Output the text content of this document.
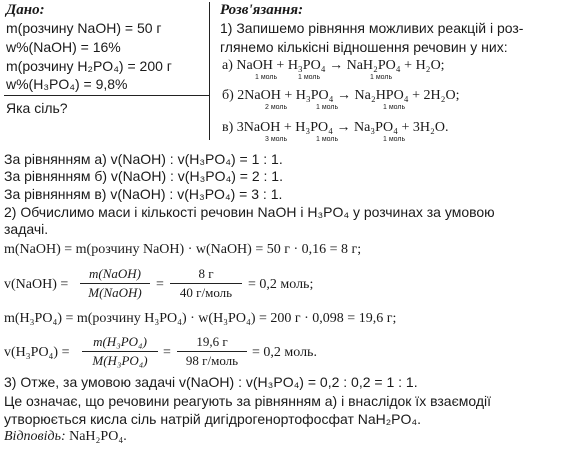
Дано:
m(розчину NaOH) = 50 г
w%(NaOH) = 16%
m(розчину H₂PO₄) = 200 г
w%(H₃PO₄) = 9,8%
Яка сіль?
Розв'язання:
1) Запишемо рівняння можливих реакцій і роз-
глянемо кількісні відношення речовин у них:
а) NaOH + H₃PO₄ → NaH₂PO₄ + H₂O;
1 моль	1 моль	1 моль
б) 2NaOH + H₃PO₄ → Na₂HPO₄ + 2H₂O;
2 моль	1 моль	1 моль
в) 3NaOH + H₃PO₄ → Na₃PO₄ + 3H₂O.
3 моль	1 моль	1 моль
За рівнянням а) v(NaOH) : v(H₃PO₄) = 1 : 1.
За рівнянням б) v(NaOH) : v(H₃PO₄) = 2 : 1.
За рівнянням в) v(NaOH) : v(H₃PO₄) = 3 : 1.
2) Обчислимо маси і кількості речовин NaOH і H₃PO₄ у розчинах за умовою
задачі.
m(NaOH) = m(розчину NaOH) · w(NaOH) = 50 г · 0,16 = 8 г;
v(NaOH) =
m(NaOH)
M(NaOH)
=
8 г
40 г/моль
= 0,2 моль;
m(H₃PO₄) = m(розчину H₃PO₄) · w(H₃PO₄) = 200 г · 0,098 = 19,6 г;
v(H₃PO₄) =
m(H₃PO₄)
M(H₃PO₄)
=
19,6 г
98 г/моль
= 0,2 моль.
3) Отже, за умовою задачі v(NaOH) : v(H₃PO₄) = 0,2 : 0,2 = 1 : 1.
Це означає, що речовини реагують за рівнянням а) і внаслідок їх взаємодії
утворюється кисла сіль натрій дигідрогенортофосфат NaH₂PO₄.
Відповідь: NaH₂PO₄.
